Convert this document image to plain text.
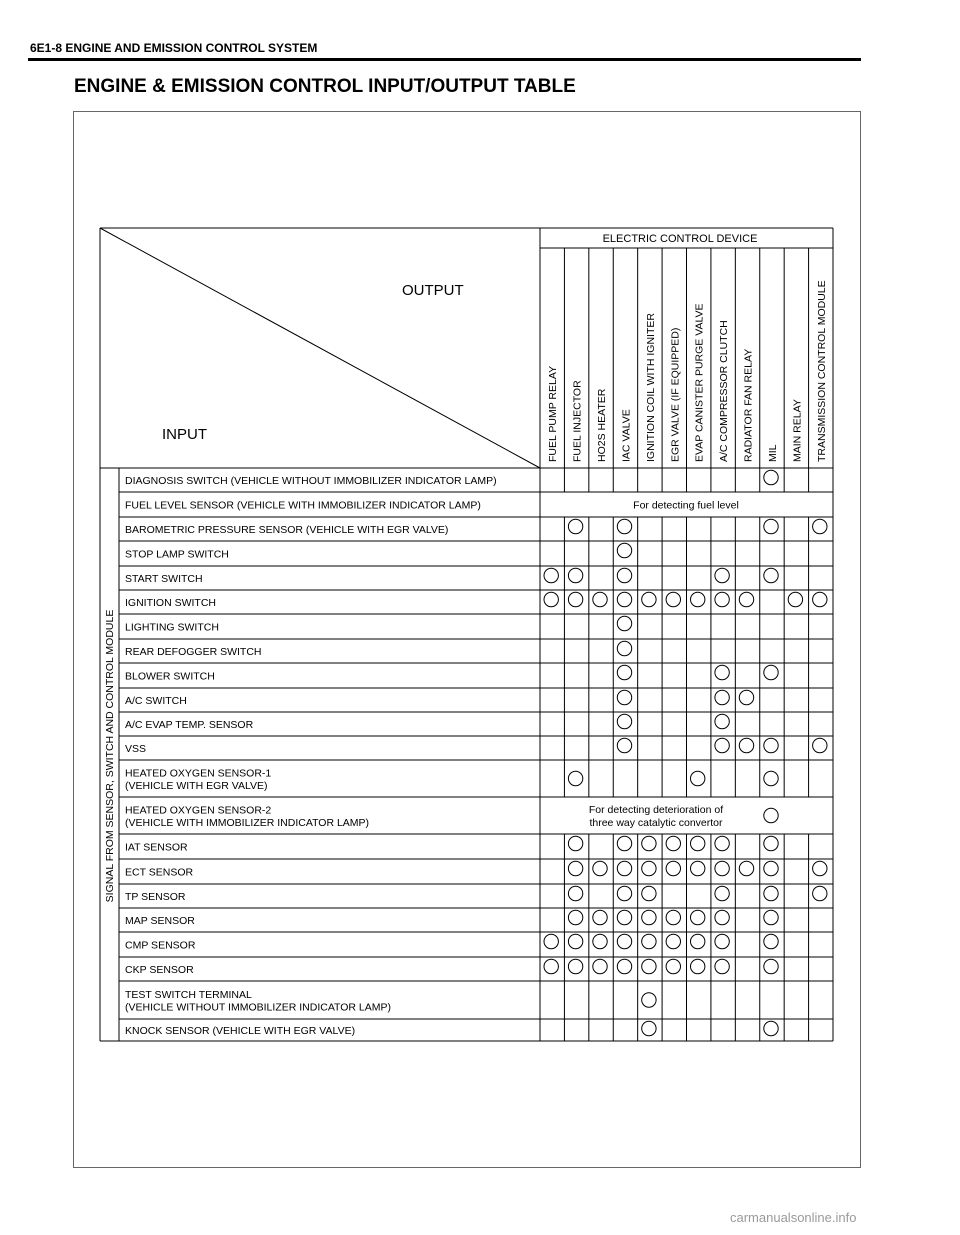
6E1-8 ENGINE AND EMISSION CONTROL SYSTEM
ENGINE & EMISSION CONTROL INPUT/OUTPUT TABLE
OUTPUT
INPUT
ELECTRIC CONTROL DEVICE
SIGNAL FROM SENSOR, SWITCH AND CONTROL MODULE
FUEL PUMP RELAY FUEL INJECTOR HO2S HEATER IAC VALVE IGNITION COIL WITH IGNITER EGR VALVE (IF EQUIPPED) EVAP CANISTER PURGE VALVE A/C COMPRESSOR CLUTCH RADIATOR FAN RELAY MIL MAIN RELAY TRANSMISSION CONTROL MODULE
DIAGNOSIS SWITCH (VEHICLE WITHOUT IMMOBILIZER INDICATOR LAMP)
FUEL LEVEL SENSOR (VEHICLE WITH IMMOBILIZER INDICATOR LAMP)	For detecting fuel level
BAROMETRIC PRESSURE SENSOR (VEHICLE WITH EGR VALVE)
STOP LAMP SWITCH
START SWITCH
IGNITION SWITCH
LIGHTING SWITCH
REAR DEFOGGER SWITCH
BLOWER SWITCH
A/C SWITCH
A/C EVAP TEMP. SENSOR
VSS
HEATED OXYGEN SENSOR-1
(VEHICLE WITH EGR VALVE)
HEATED OXYGEN SENSOR-2
(VEHICLE WITH IMMOBILIZER INDICATOR LAMP)
For detecting deterioration of
three way catalytic convertor
IAT SENSOR
ECT SENSOR
TP SENSOR
MAP SENSOR
CMP SENSOR
CKP SENSOR
TEST SWITCH TERMINAL
(VEHICLE WITHOUT IMMOBILIZER INDICATOR LAMP)
KNOCK SENSOR (VEHICLE WITH EGR VALVE)
carmanualsonline.info
